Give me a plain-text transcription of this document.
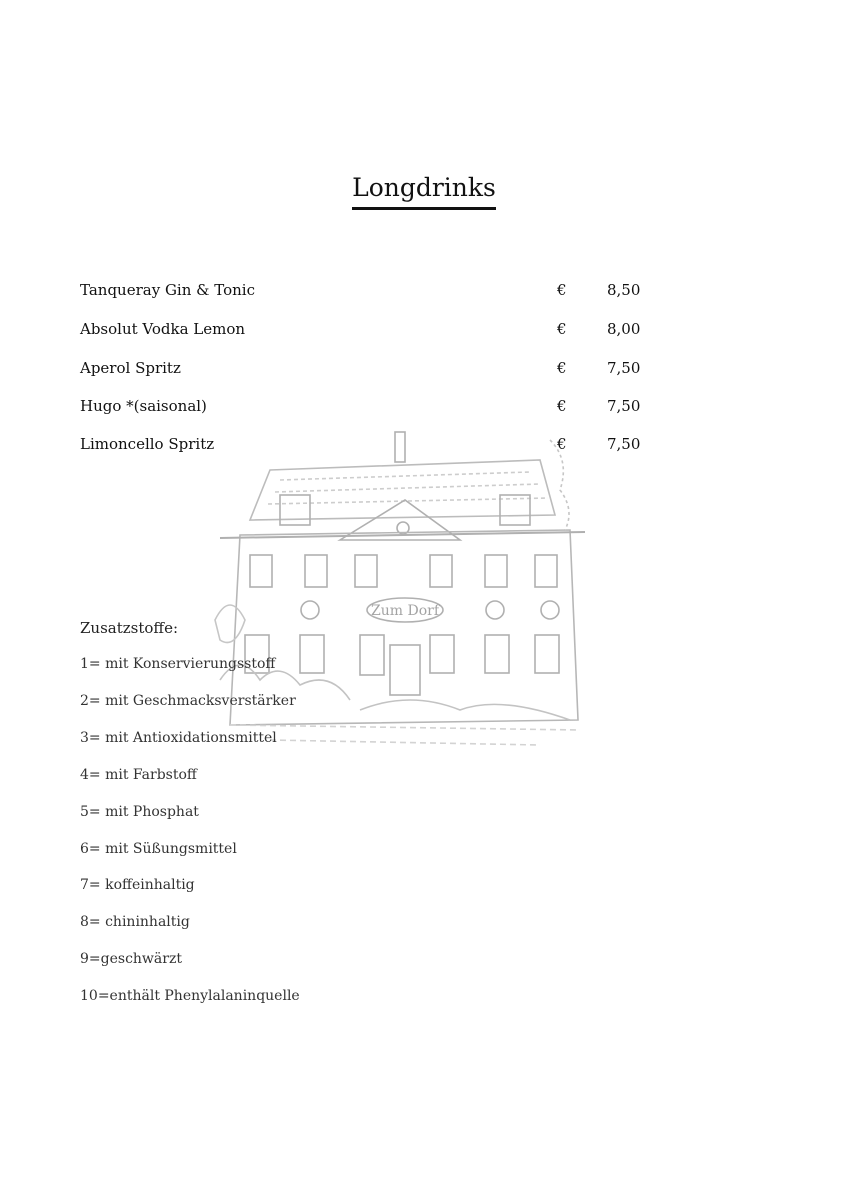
Zum Dorf
Longdrinks
Tanqueray Gin & Tonic	€	8,50
Absolut Vodka Lemon	€	8,00
Aperol Spritz	€	7,50
Hugo *(saisonal)	€	7,50
Limoncello Spritz	€	7,50
Zusatzstoffe:
1= mit Konservierungsstoff
2= mit Geschmacksverstärker
3= mit Antioxidationsmittel
4= mit Farbstoff
5= mit Phosphat
6= mit Süßungsmittel
7= koffeinhaltig
8= chininhaltig
9=geschwärzt
10=enthält Phenylalaninquelle
